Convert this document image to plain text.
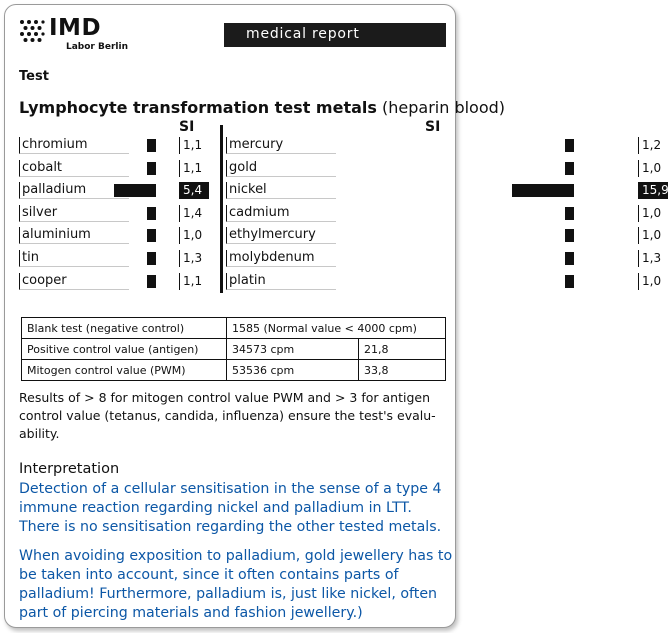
IMD
Labor Berlin
medical report
Test
Lymphocyte transformation test metals (heparin blood)
SI	SI
chromium	1,1
cobalt	1,1
palladium	5,4
silver	1,4
aluminium	1,0
tin	1,3
cooper	1,1
mercury	1,2
gold	1,0
nickel	15,9
cadmium	1,0
ethylmercury	1,0
molybdenum	1,3
platin	1,0
Blank test (negative control)	1585 (Normal value < 4000 cpm)	
Positive control value (antigen)	34573 cpm	21,8
Mitogen control value (PWM)	53536 cpm	33,8
Results of > 8 for mitogen control value PWM and > 3 for antigen control value (tetanus, candida, influenza) ensure the test's evalu-ability.
Interpretation
Detection of a cellular sensitisation in the sense of a type 4 immune reaction regarding nickel and palladium in LTT. There is no sensitisation regarding the other tested metals.
When avoiding exposition to palladium, gold jewellery has to be taken into account, since it often contains parts of palladium! Furthermore, palladium is, just like nickel, often part of piercing materials and fashion jewellery.)
